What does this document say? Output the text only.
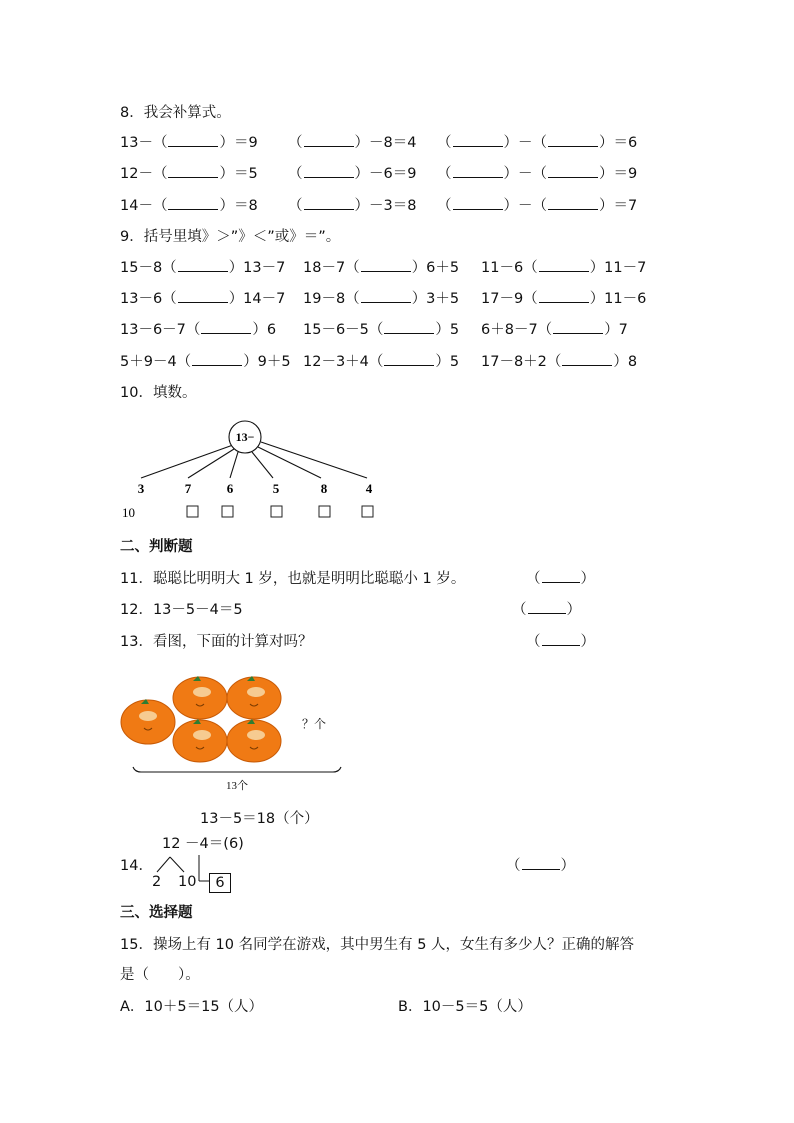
8．我会补算式。
13－（	）＝9 （	）－8＝4 （	）－（	）＝6
12－（	）＝5 （	）－6＝9 （	）－（	）＝9
14－（	）＝8 （	）－3＝8 （	）－（	）＝7
9．括号里填》＞”》＜”或》＝”。
15－8（	）13－7 18－7（	）6＋5 11－6（	）11－7
13－6（	）14－7 19－8（	）3＋5 17－9（	）11－6
13－6－7（	）6 15－6－5（	）5 6＋8－7（	）7
5＋9－4（	）9＋5 12－3＋4（	）5 17－8＋2（	）8
10．填数。
13−
3	7	6	5	8	4
10
二、判断题
11．聪聪比明明大 1 岁，也就是明明比聪聪小 1 岁。	（	）
12．13－5－4＝5	（	）
13．看图，下面的计算对吗？	（	）
？个
13个
13－5＝18（个）
12 －4＝(6)
14．
2 10	6
（	）
三、选择题
15．操场上有 10 名同学在游戏，其中男生有 5 人，女生有多少人？正确的解答
是（　　）。
A．10＋5＝15（人）	B．10－5＝5（人）
